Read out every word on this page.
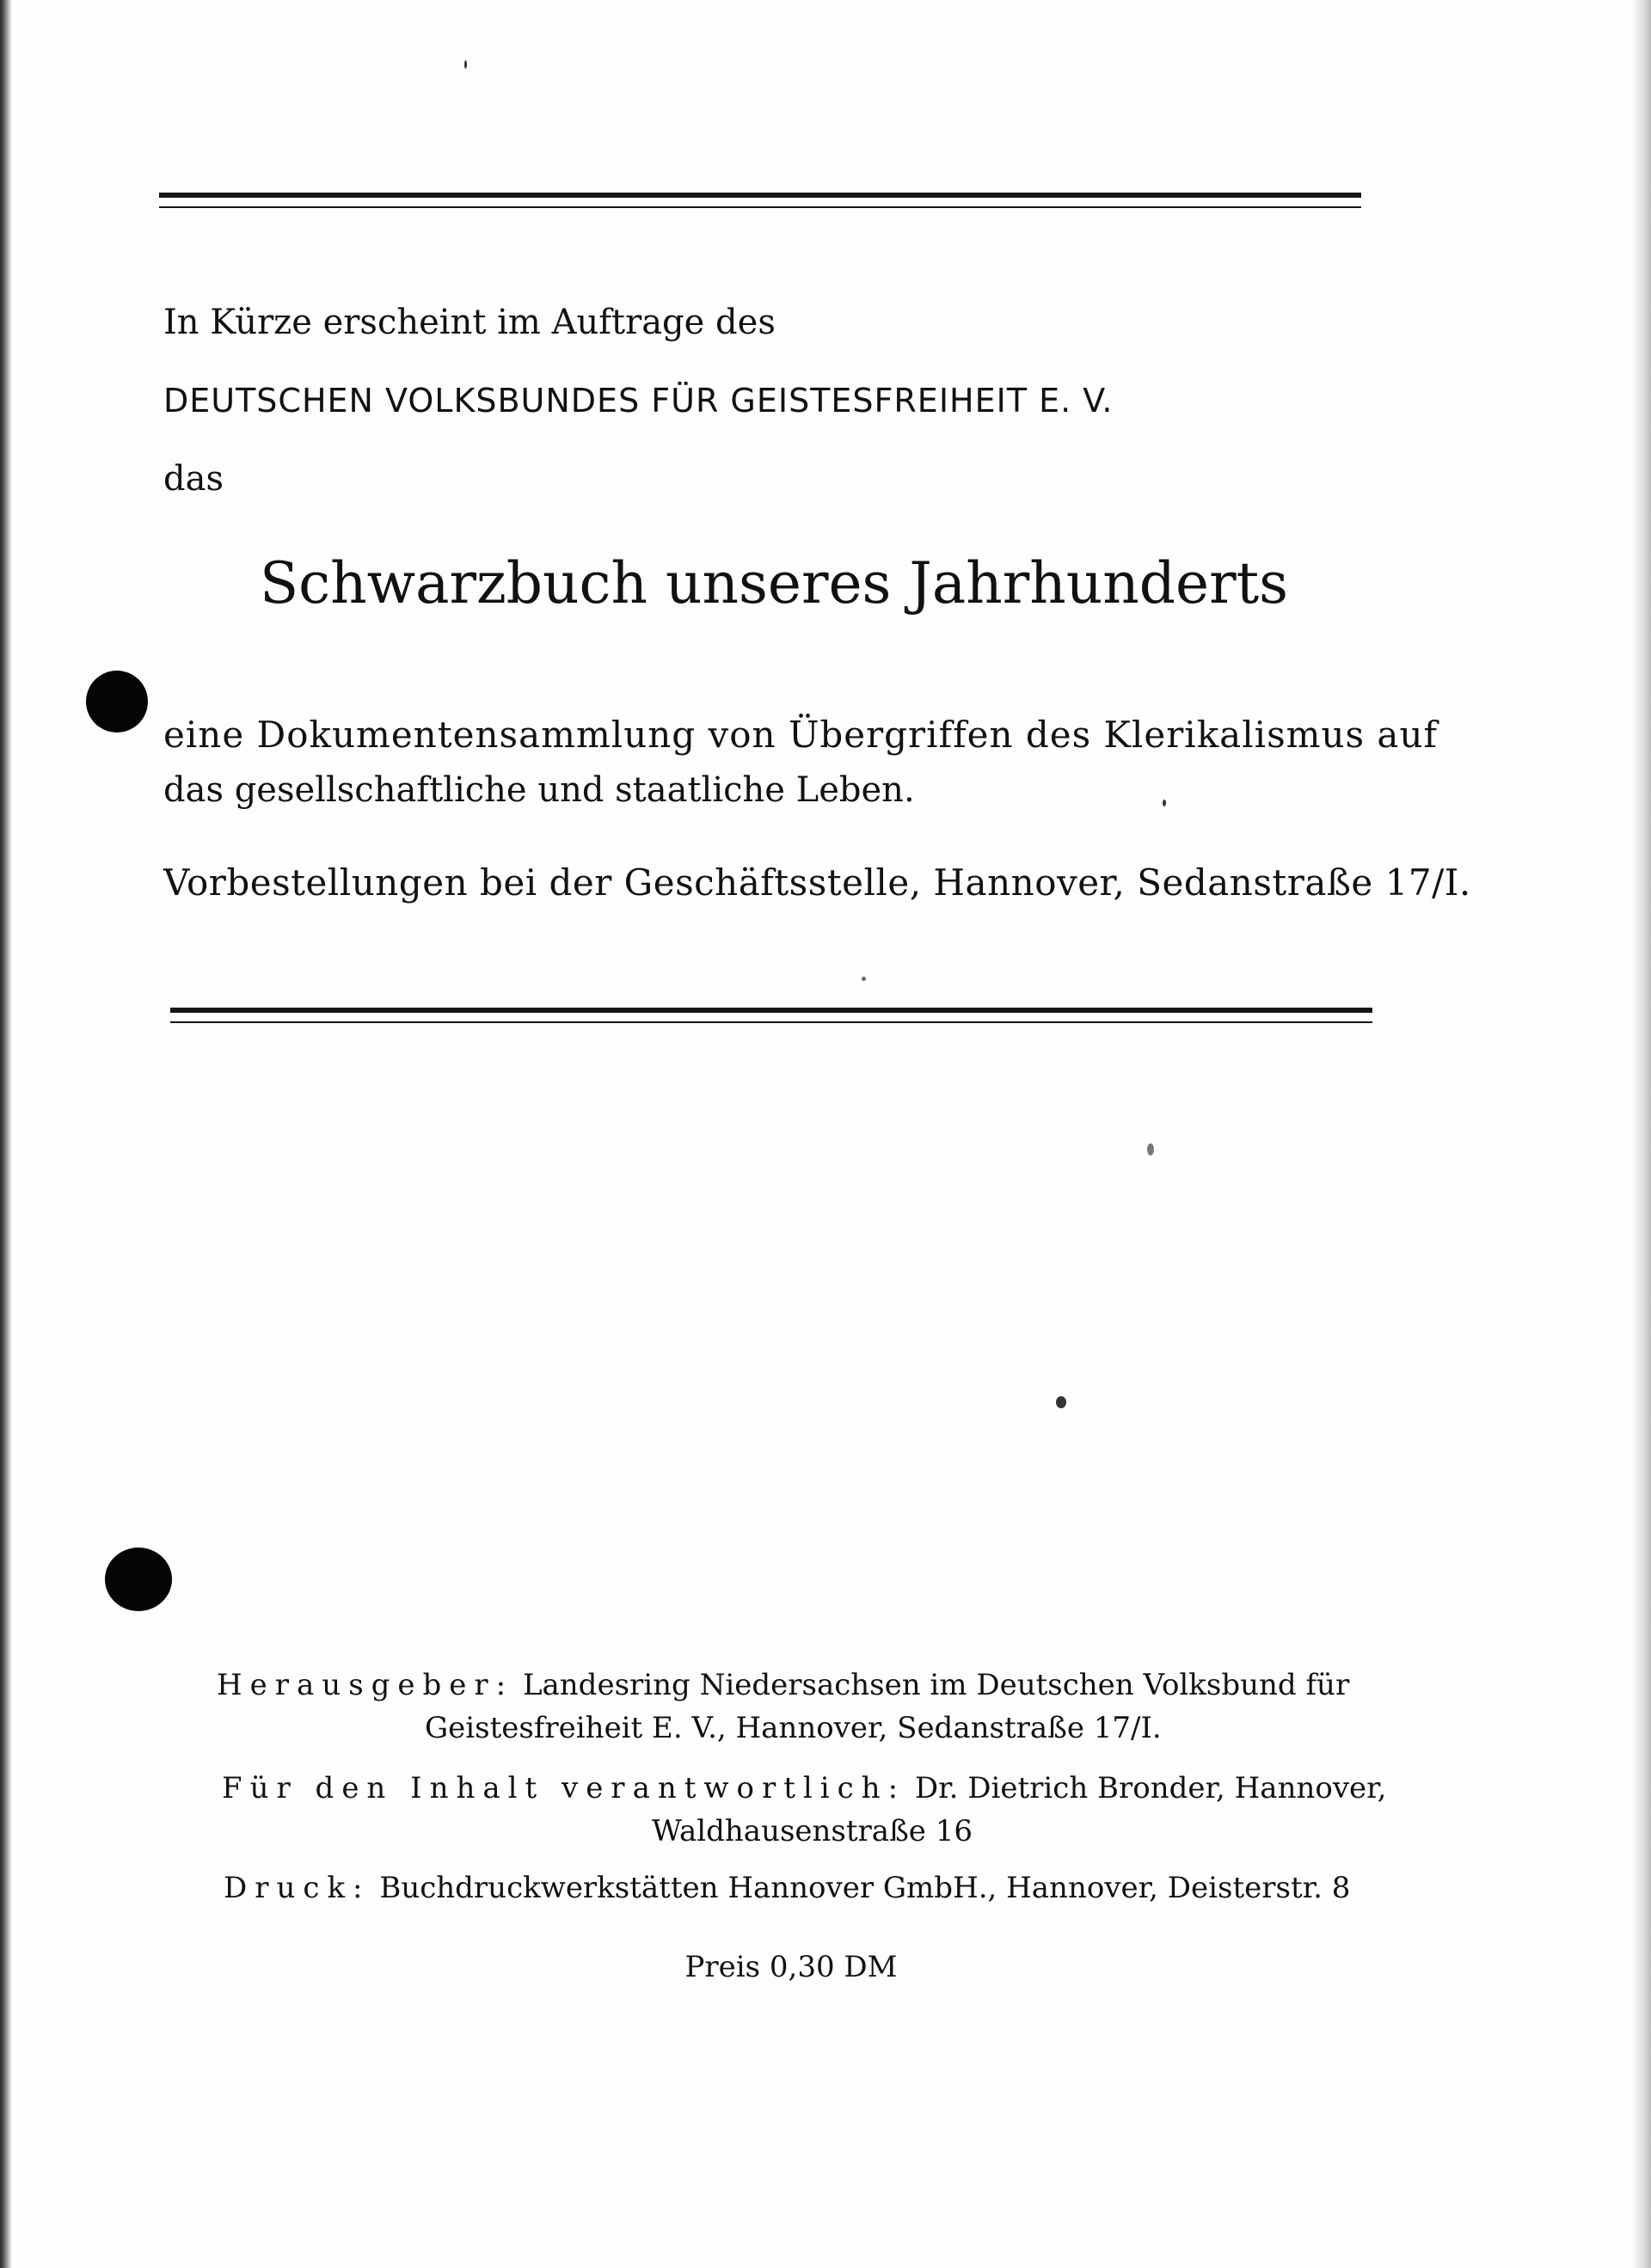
In Kürze erscheint im Auftrage des

DEUTSCHEN VOLKSBUNDES FÜR GEISTESFREIHEIT E. V.

das

Schwarzbuch unseres Jahrhunderts

eine Dokumentensammlung von Übergriffen des Klerikalismus auf

das gesellschaftliche und staatliche Leben.

Vorbestellungen bei der Geschäftsstelle, Hannover, Sedanstraße 17/I.

Herausgeber: Landesring Niedersachsen im Deutschen Volksbund für
Geistesfreiheit E. V., Hannover, Sedanstraße 17/I.
Für den Inhalt verantwortlich: Dr. Dietrich Bronder, Hannover,
Waldhausenstraße 16
Druck: Buchdruckwerkstätten Hannover GmbH., Hannover, Deisterstr. 8

Preis 0,30 DM
